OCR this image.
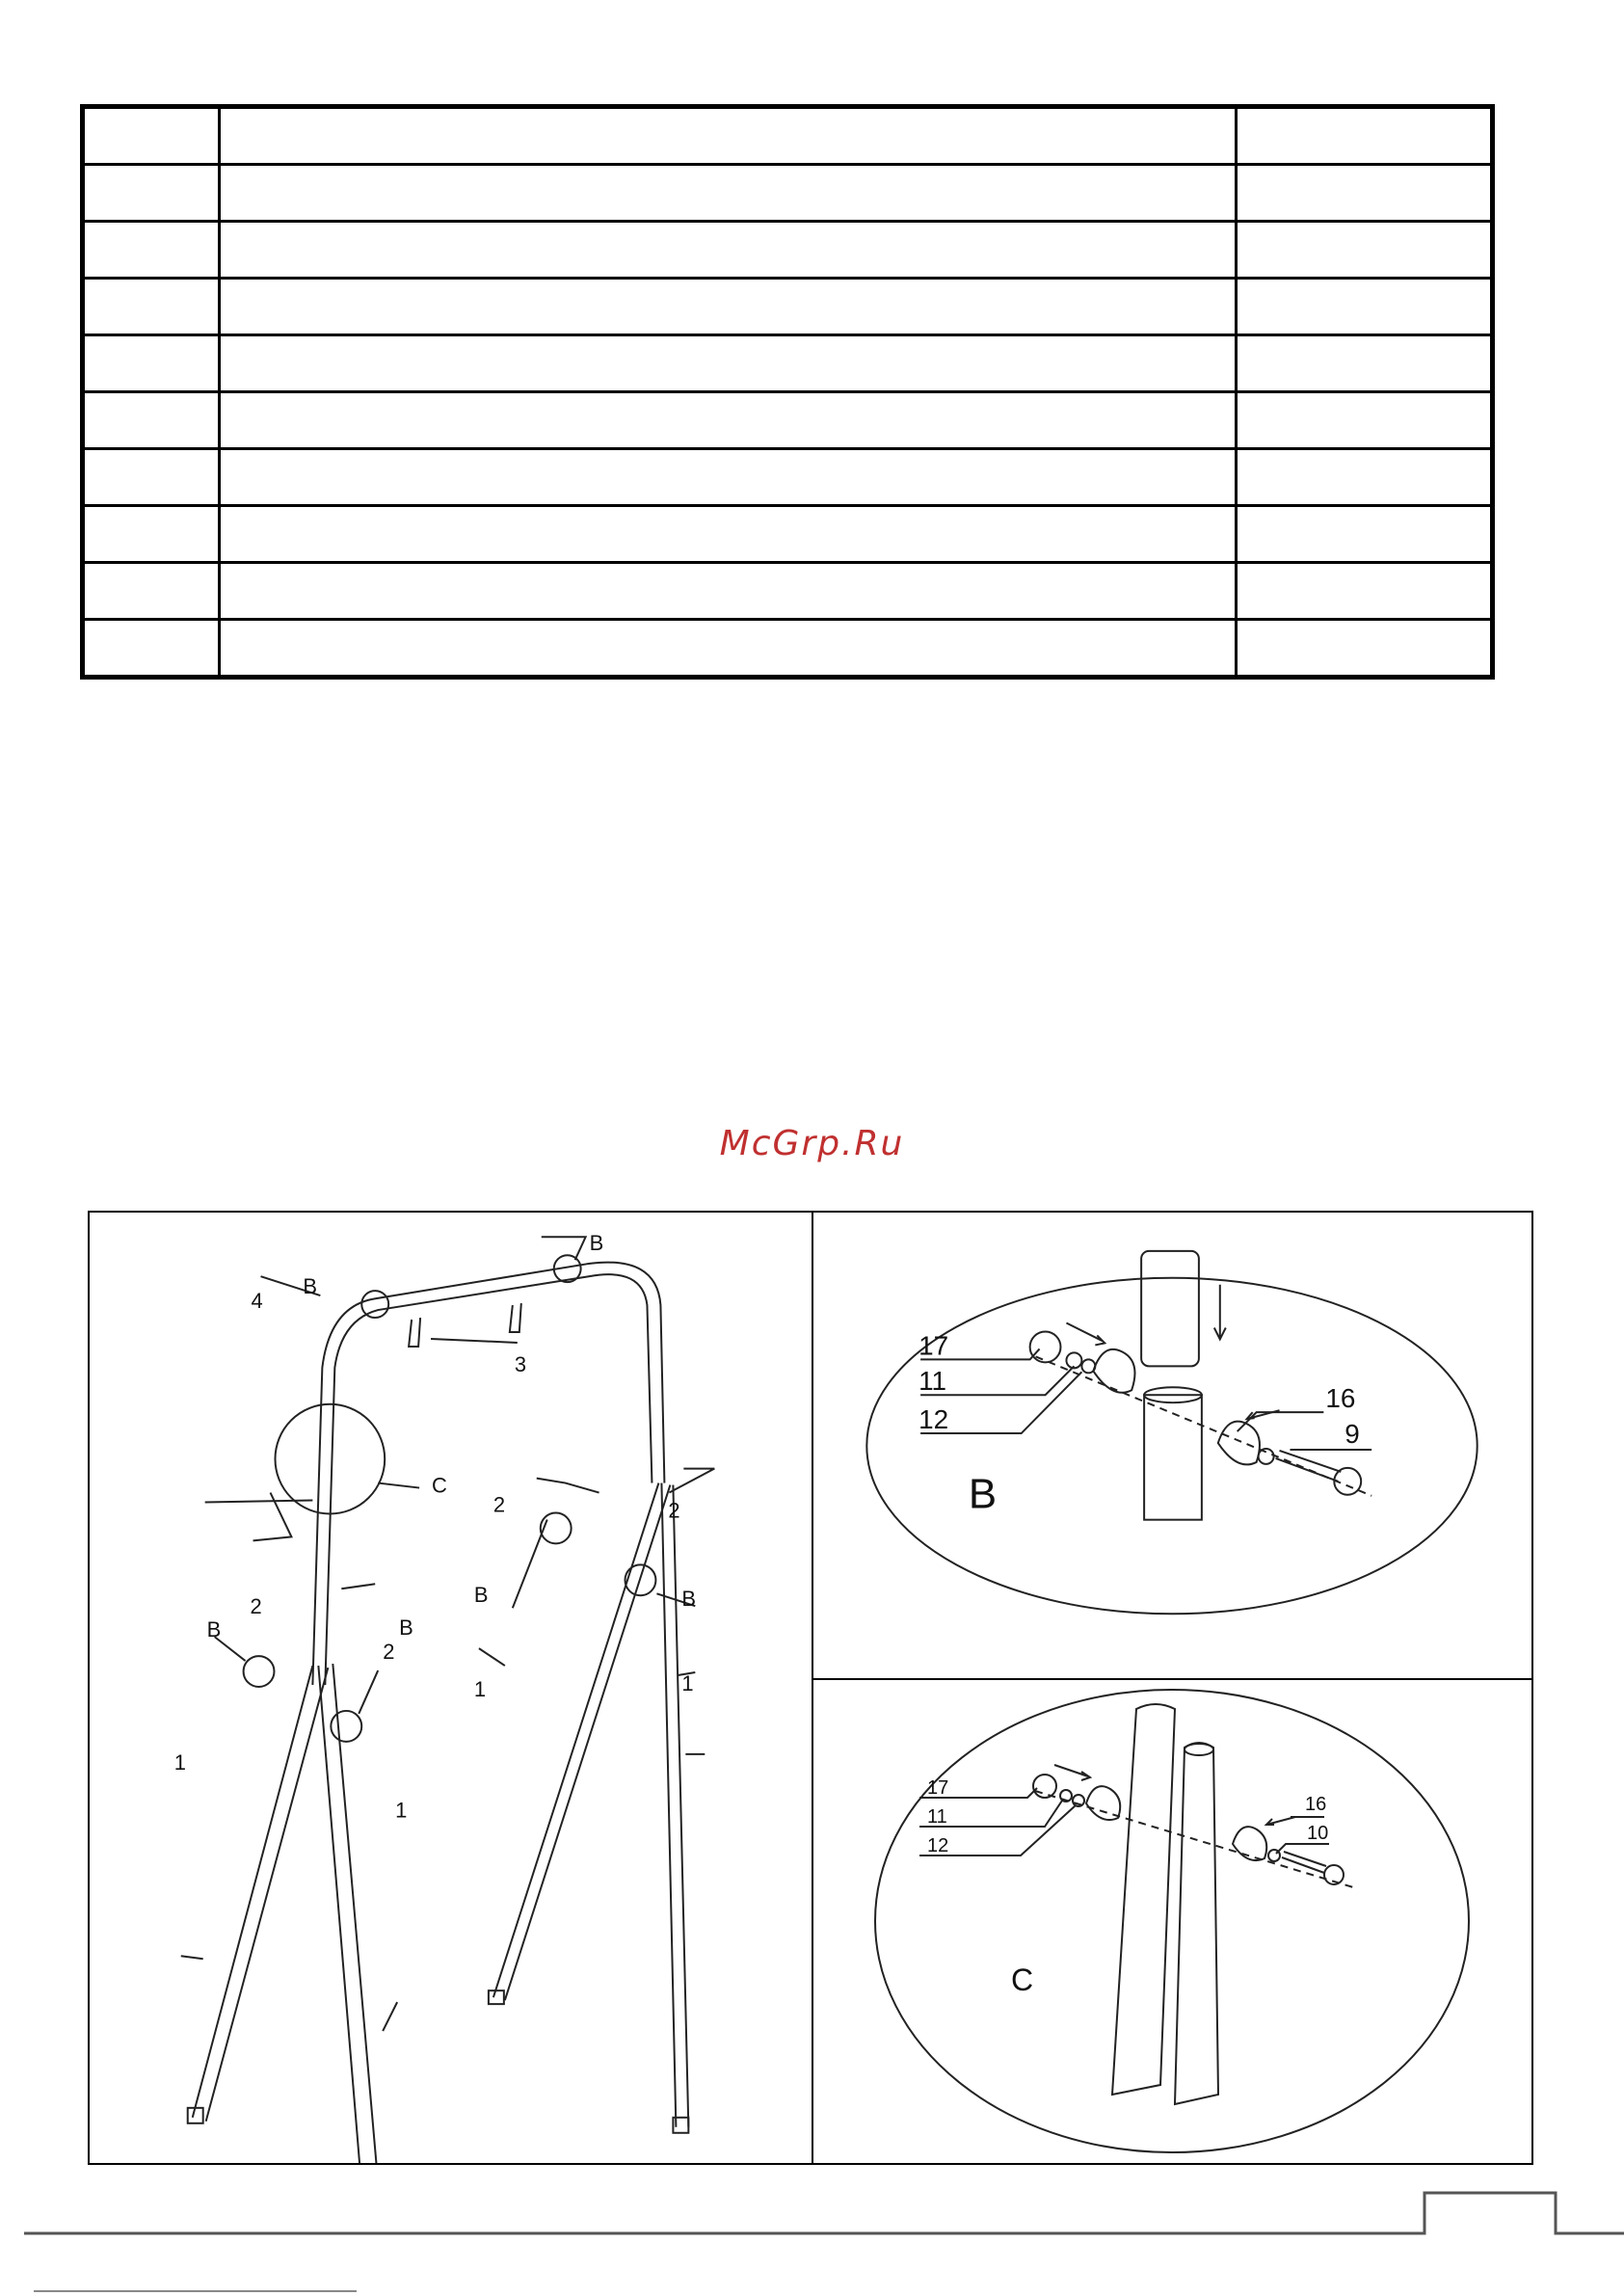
McGrp.Ru
4
B
B
3
C
2
2
2	2
B	B
B	B
1	1
1
1
17
11
12
16
9
B
17
11
12
16
10
C
